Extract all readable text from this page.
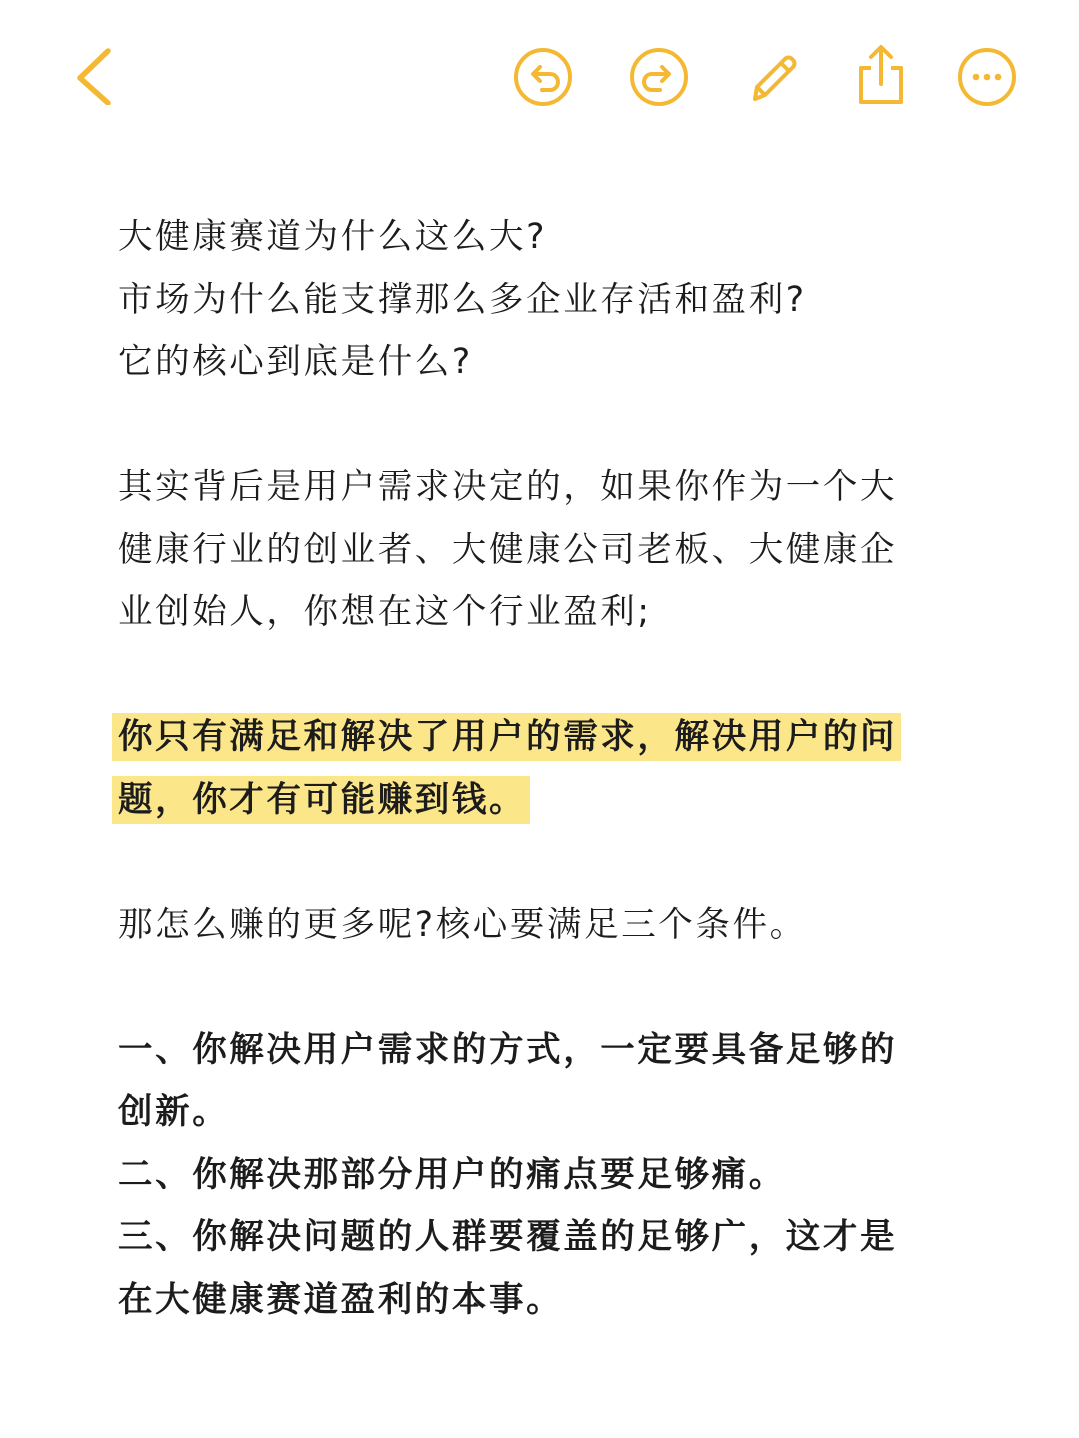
大健康赛道为什么这么大?
市场为什么能支撑那么多企业存活和盈利?
它的核心到底是什么?

其实背后是用户需求决定的，如果你作为一个大
健康行业的创业者、大健康公司老板、大健康企
业创始人，你想在这个行业盈利;

你只有满足和解决了用户的需求，解决用户的问
题，你才有可能赚到钱。

那怎么赚的更多呢?核心要满足三个条件。

一、你解决用户需求的方式，一定要具备足够的
创新。
二、你解决那部分用户的痛点要足够痛。
三、你解决问题的人群要覆盖的足够广，这才是
在大健康赛道盈利的本事。
